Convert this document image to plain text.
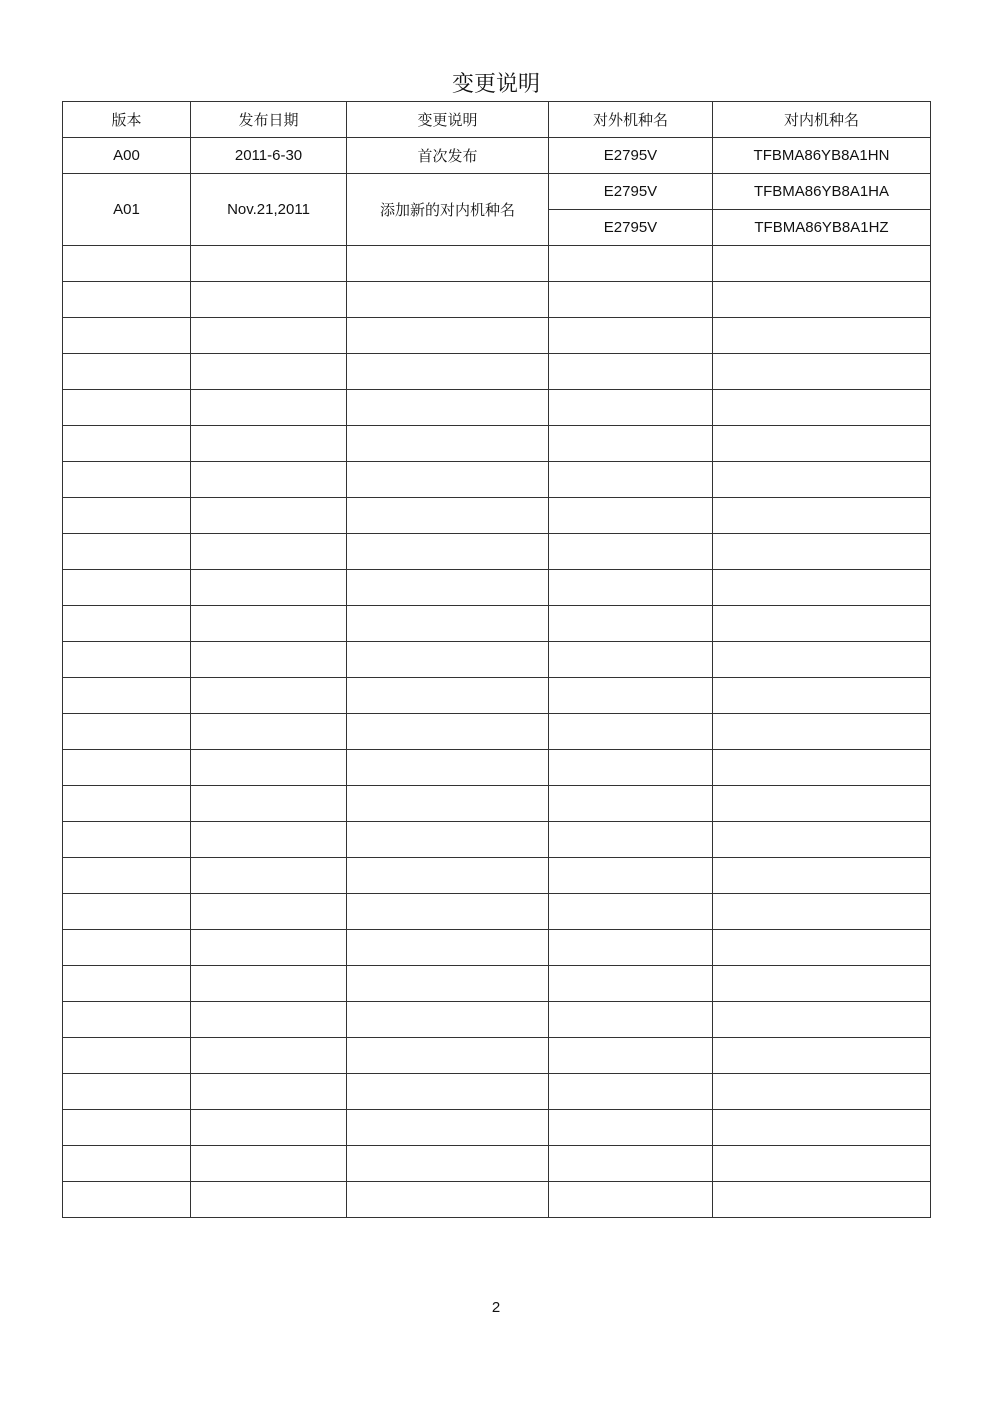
变更说明
版本	发布日期	变更说明	对外机种名	对内机种名
A00	2011-6-30	首次发布	E2795V	TFBMA86YB8A1HN
A01	Nov.21,2011	添加新的对内机种名	E2795V	TFBMA86YB8A1HA
			E2795V	TFBMA86YB8A1HZ

2
